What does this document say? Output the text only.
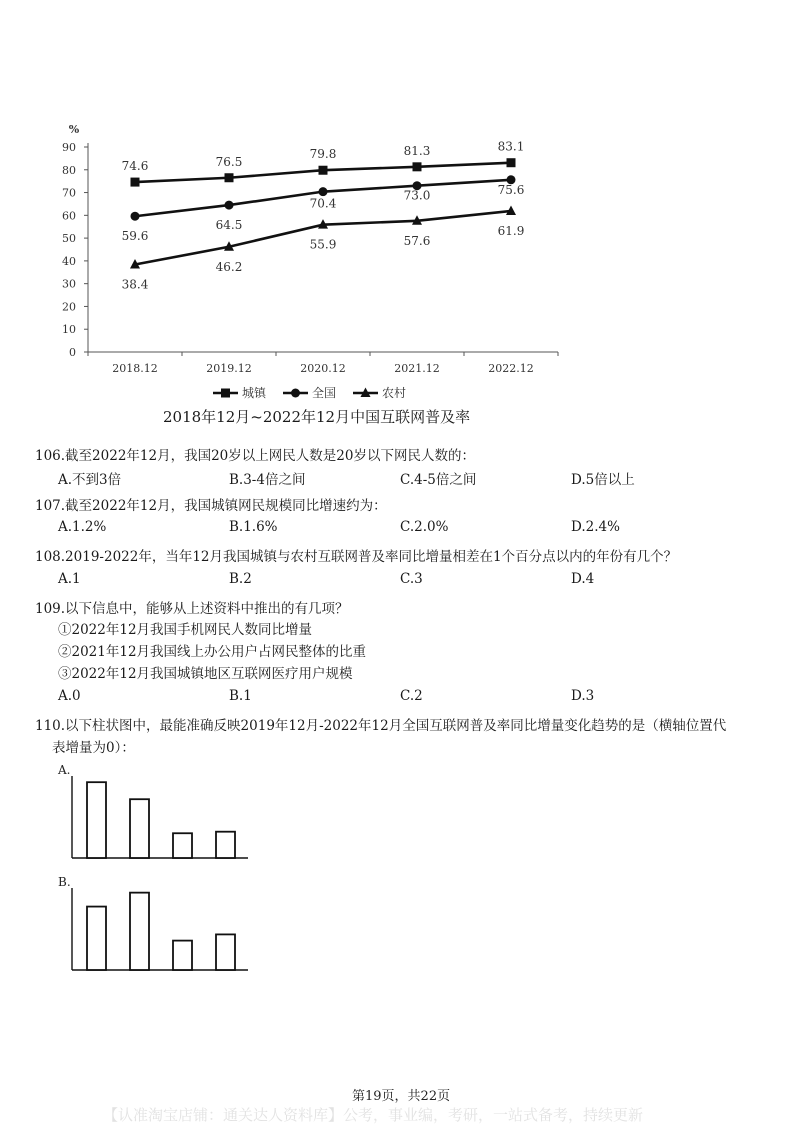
0
10
20
30
40
50
60
70
80
90
%
2018.12	2019.12	2020.12	2021.12	2022.12
74.6	76.5
79.8	81.3	83.1
59.6
64.5
70.4
73.0	75.6
38.4
46.2
55.9	57.6
61.9
城镇	全国	农村
2018年12月~2022年12月中国互联网普及率
106.截至2022年12月，我国20岁以上网民人数是20岁以下网民人数的：
A.不到3倍	B.3-4倍之间	C.4-5倍之间	D.5倍以上
107.截至2022年12月，我国城镇网民规模同比增速约为：
A.1.2%	B.1.6%	C.2.0%	D.2.4%
108.2019-2022年，当年12月我国城镇与农村互联网普及率同比增量相差在1个百分点以内的年份有几个？
A.1	B.2	C.3	D.4
109.以下信息中，能够从上述资料中推出的有几项？
①2022年12月我国手机网民人数同比增量
②2021年12月我国线上办公用户占网民整体的比重
③2022年12月我国城镇地区互联网医疗用户规模
A.0	B.1	C.2	D.3
110.以下柱状图中，最能准确反映2019年12月-2022年12月全国互联网普及率同比增量变化趋势的是（横轴位置代
表增量为0）：
A.
B.
第19页，共22页
【认准淘宝店铺：通关达人资料库】公考，事业编，考研，一站式备考，持续更新
